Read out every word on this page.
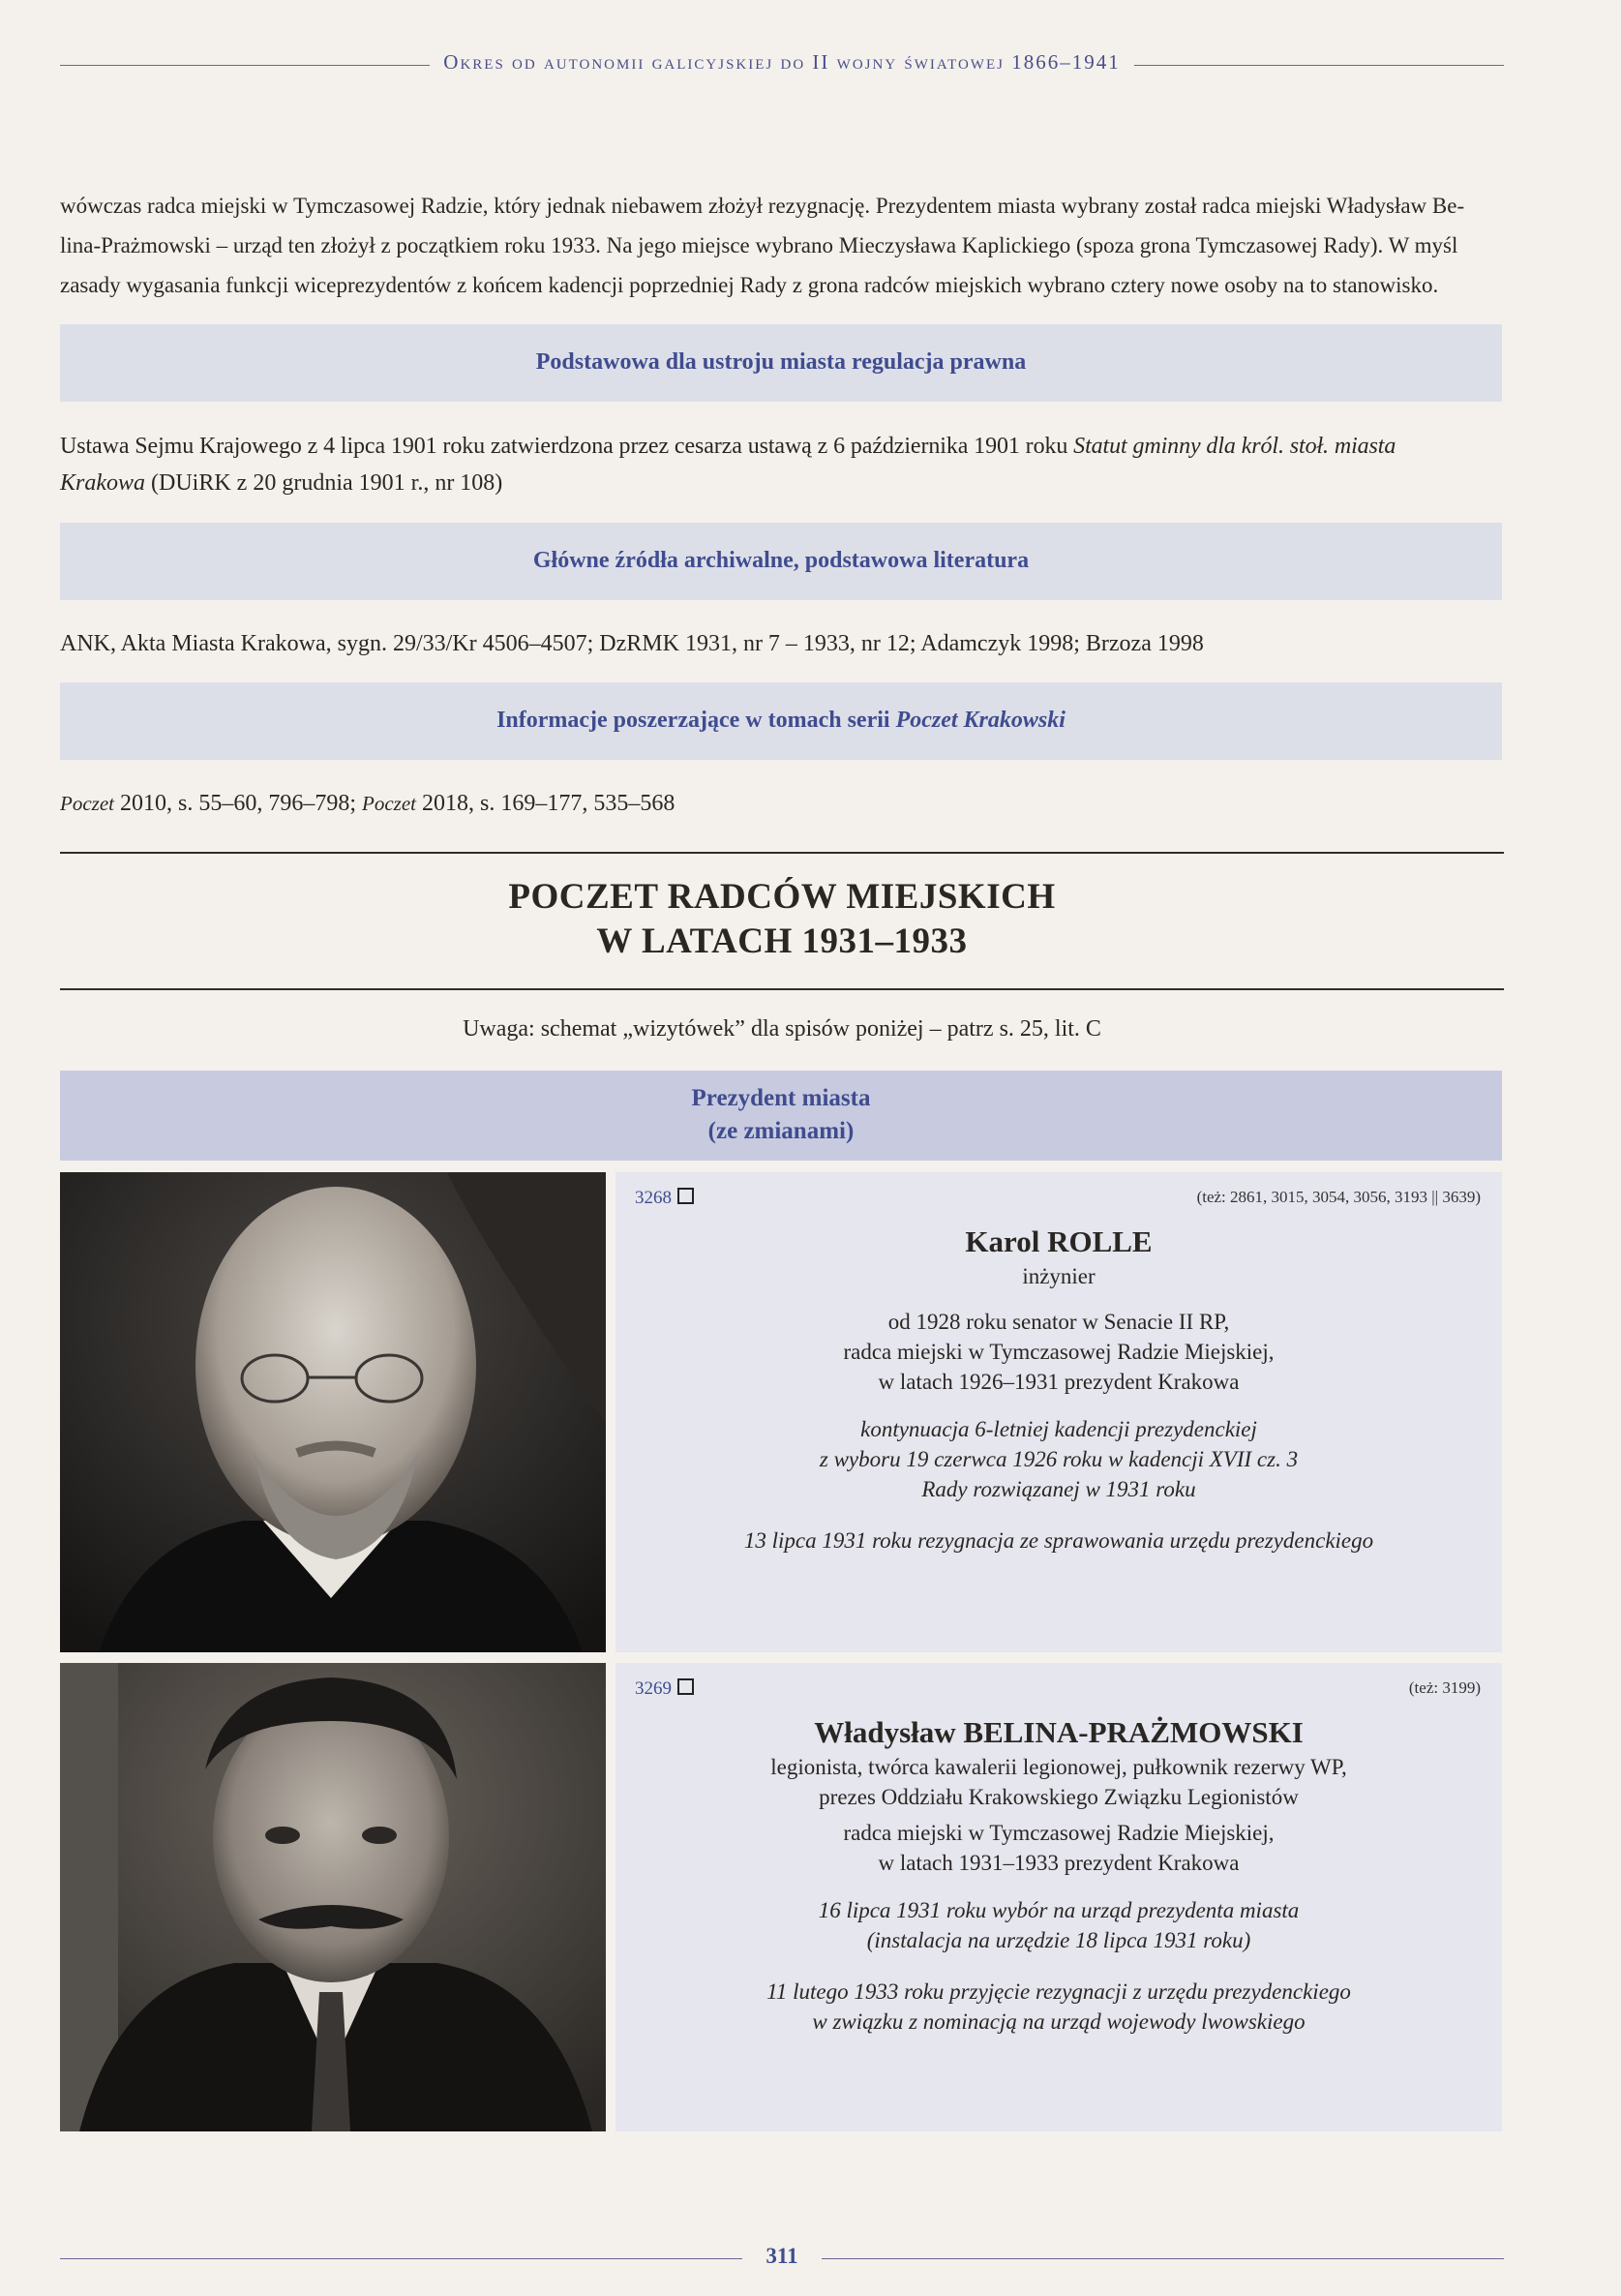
Okres od autonomii galicyjskiej do II wojny światowej 1866–1941

wówczas radca miejski w Tymczasowej Radzie, który jednak niebawem złożył rezygnację. Prezydentem miasta wybrany został radca miejski Władysław Be-

lina-Prażmowski – urząd ten złożył z początkiem roku 1933. Na jego miejsce wybrano Mieczysława Kaplickiego (spoza grona Tymczasowej Rady). W myśl

zasady wygasania funkcji wiceprezydentów z końcem kadencji poprzedniej Rady z grona radców miejskich wybrano cztery nowe osoby na to stanowisko.

Podstawowa dla ustroju miasta regulacja prawna
Ustawa Sejmu Krajowego z 4 lipca 1901 roku zatwierdzona przez cesarza ustawą z 6 października 1901 roku Statut gminny dla król. stoł. miasta
Krakowa (DUiRK z 20 grudnia 1901 r., nr 108)
Główne źródła archiwalne, podstawowa literatura
ANK, Akta Miasta Krakowa, sygn. 29/33/Kr 4506–4507; DzRMK 1931, nr 7 – 1933, nr 12; Adamczyk 1998; Brzoza 1998
Informacje poszerzające w tomach serii Poczet Krakowski
Poczet 2010, s. 55–60, 796–798; Poczet 2018, s. 169–177, 535–568
POCZET RADCÓW MIEJSKICH
W LATACH 1931–1933
Uwaga: schemat „wizytówek” dla spisów poniżej – patrz s. 25, lit. C
Prezydent miasta
(ze zmianami)
3268	(też: 2861, 3015, 3054, 3056, 3193 || 3639)
Karol ROLLE
inżynier
od 1928 roku senator w Senacie II RP,
radca miejski w Tymczasowej Radzie Miejskiej,
w latach 1926–1931 prezydent Krakowa
kontynuacja 6-letniej kadencji prezydenckiej
z wyboru 19 czerwca 1926 roku w kadencji XVII cz. 3
Rady rozwiązanej w 1931 roku
13 lipca 1931 roku rezygnacja ze sprawowania urzędu prezydenckiego
3269	(też: 3199)
Władysław BELINA-PRAŻMOWSKI
legionista, twórca kawalerii legionowej, pułkownik rezerwy WP,
prezes Oddziału Krakowskiego Związku Legionistów
radca miejski w Tymczasowej Radzie Miejskiej,
w latach 1931–1933 prezydent Krakowa
16 lipca 1931 roku wybór na urząd prezydenta miasta
(instalacja na urzędzie 18 lipca 1931 roku)
11 lutego 1933 roku przyjęcie rezygnacji z urzędu prezydenckiego
w związku z nominacją na urząd wojewody lwowskiego
311
